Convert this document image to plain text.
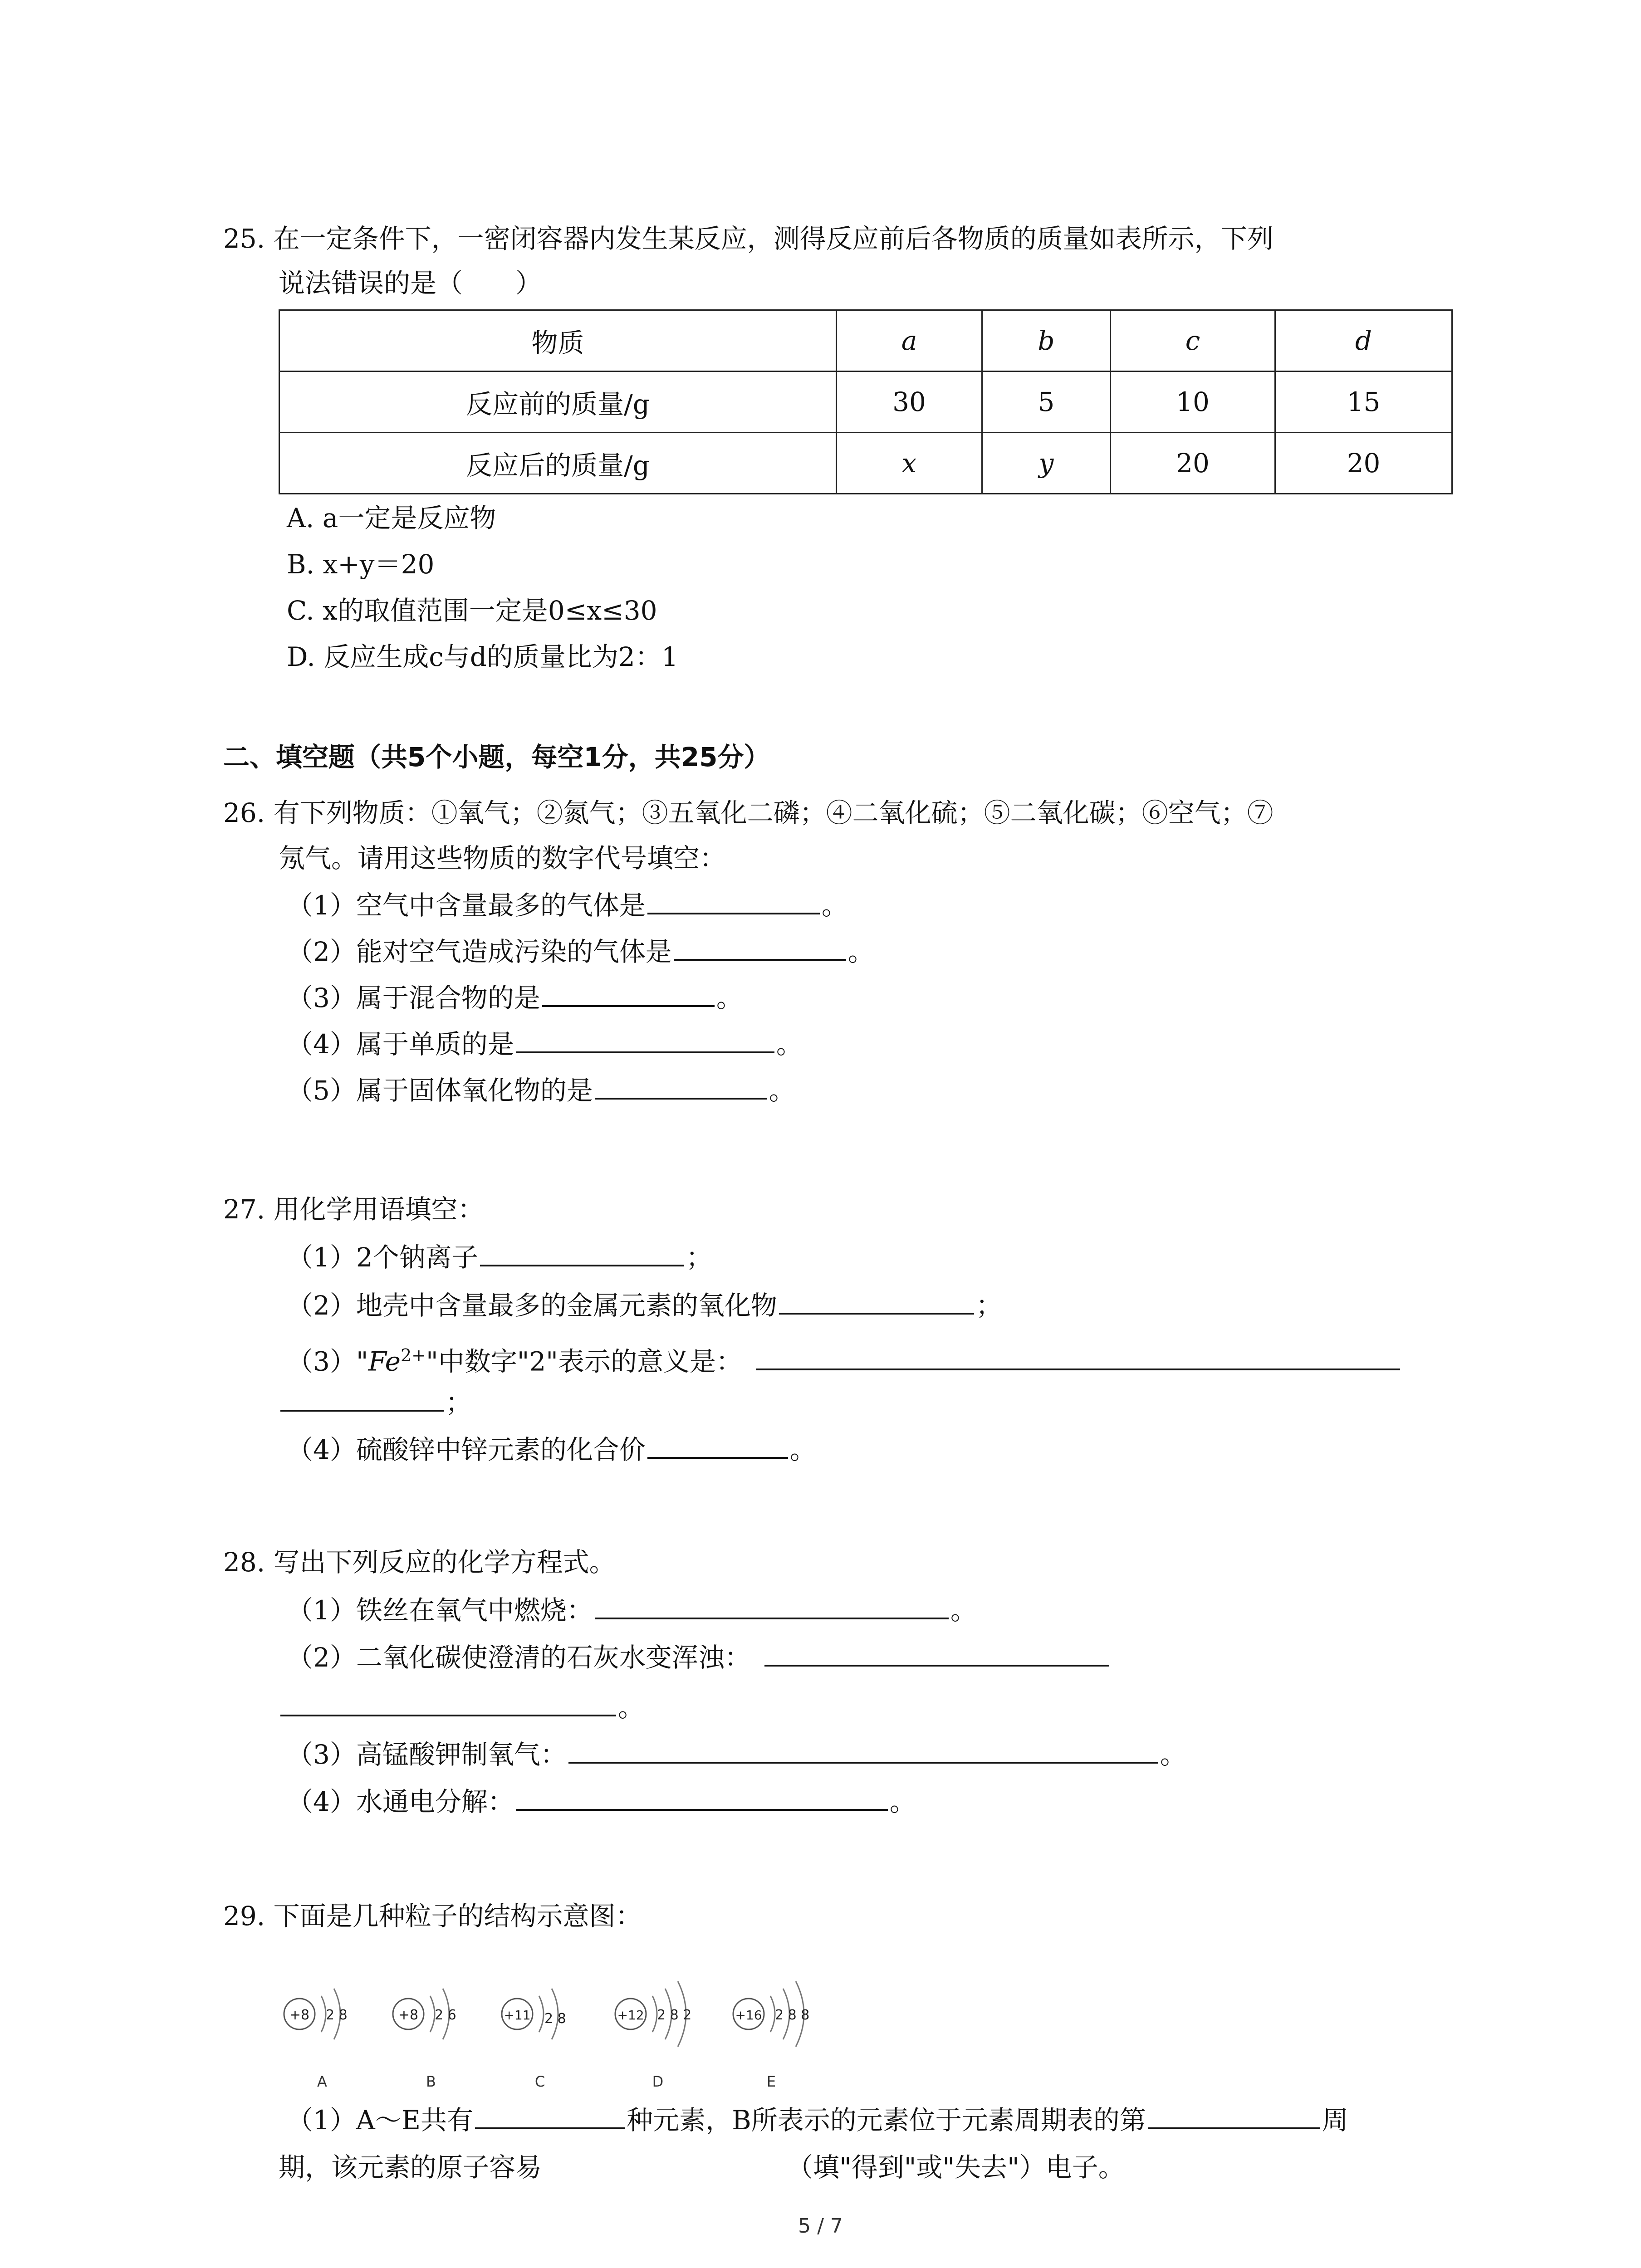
25. 在一定条件下，一密闭容器内发生某反应，测得反应前后各物质的质量如表所示，下列
说法错误的是（　　）
物质	a	b	c	d
反应前的质量/g	30	5	10	15
反应后的质量/g	x	y	20	20
A. a一定是反应物
B. x+y＝20
C. x的取值范围一定是0≤x≤30
D. 反应生成c与d的质量比为2：1
二、填空题（共5个小题，每空1分，共25分）
26. 有下列物质：①氧气；②氮气；③五氧化二磷；④二氧化硫；⑤二氧化碳；⑥空气；⑦
氖气。请用这些物质的数字代号填空：
（1）空气中含量最多的气体是	。
（2）能对空气造成污染的气体是	。
（3）属于混合物的是	。
（4）属于单质的是	。
（5）属于固体氧化物的是	。
27. 用化学用语填空：
（1）2个钠离子	；
（2）地壳中含量最多的金属元素的氧化物	；
$(3)"Fe^{2+}$"中数字"2"表示的意义是：
；
（4）硫酸锌中锌元素的化合价	。
28. 写出下列反应的化学方程式。
（1）铁丝在氧气中燃烧：	。
（2）二氧化碳使澄清的石灰水变浑浊：
。
（3）高锰酸钾制氧气：	。
（4）水通电分解：	。
29. 下面是几种粒子的结构示意图：
+8 2 8
A
+8 2 6
B
+11 2 8
C
+12 2 8 2
D
+16 2 8 8
E
（1）A～E共有	种元素，B所表示的元素位于元素周期表的第	周
期，该元素的原子容易	（填"得到"或"失去"）电子。
5 / 7
